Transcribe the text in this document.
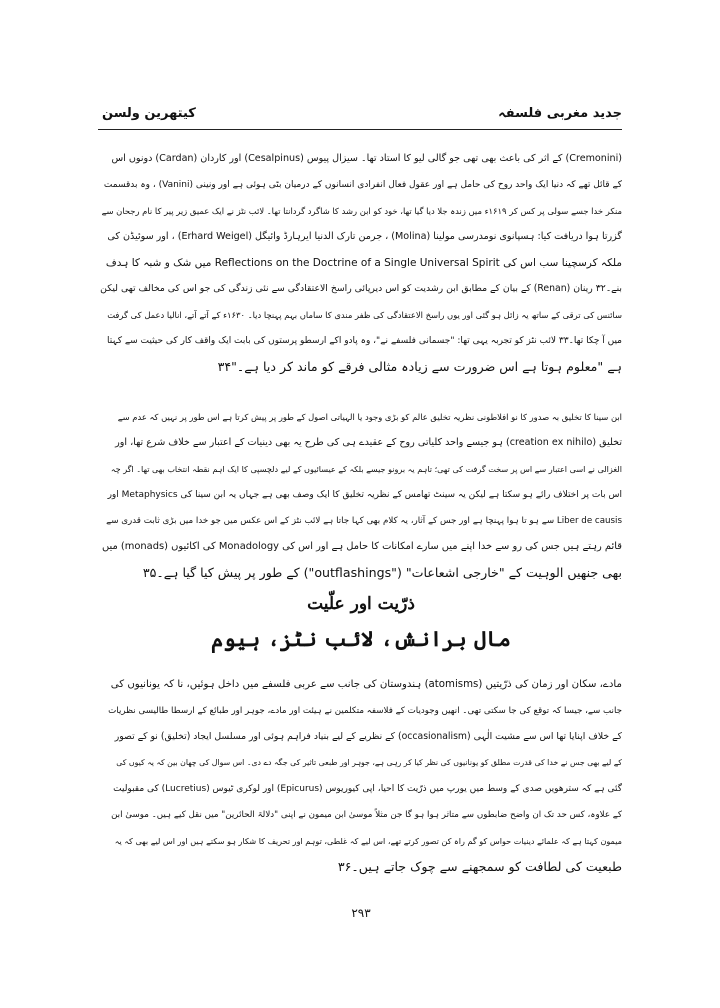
جدید مغربی فلسفہ
کیتھرین ولسن
(Cremonini) کے اثر کی باعث بھی تھی جو گالی لیو کا استاد تھا۔ سیزال پیوس (Cesalpinus) اور کاردان (Cardan) دونوں اس
کے قائل تھے کہ دنیا ایک واحد روح کی حامل ہے اور عقول فعال انفرادی انسانوں کے درمیان بٹی ہوئی ہے اور ونینی (Vanini) ، وہ بدقسمت
منکر خدا جسے سولی پر کس کر ۱۶۱۹ء میں زندہ جلا دیا گیا تھا، خود کو ابن رشد کا شاگرد گردانتا تھا۔ لائب نٹز نے ایک عمیق زیر پیر کا نام رجحان سے
گزرتا ہوا دریافت کیا: ہسپانوی نومدرسی مولینا (Molina) ، جرمن تارک الدنیا ایرہارڈ وائیگل (Erhard Weigel) ، اور سوئیڈن کی
ملکہ کرسچینا سب اس کی Reflections on the Doctrine of a Single Universal Spirit میں شک و شبہ کا ہدف
بنے۔۳۲ رینان (Renan) کے بیان کے مطابق ابن رشدیت کو اس دیرپائی راسخ الاعتقادگی سے نئی زندگی کی جو اس کی مخالف تھی لیکن
سائنس کی ترقی کے ساتھ یہ زائل ہو گئی اور یوں راسخ الاعتقادگی کی ظفر مندی کا ساماں بہم پہنچا دیا۔ ۱۶۳۰ء کے آتے آتے، انالیا دعمل کی گرفت
میں آ چکا تھا۔۳۳ لائب نٹز کو تجربہ یہی تھا: "جسمانی فلسفے نے"، وہ پادو اکے ارسطو پرستوں کی بابت ایک واقف کار کی حیثیت سے کہتا
ہے "معلوم ہوتا ہے اس ضرورت سے زیادہ مثالی فرقے کو ماند کر دیا ہے۔"۳۴
ابن سینا کا تخلیق بہ صدور کا نو افلاطونی نظریہ تخلیق عالم کو بڑی وجود یا الہیاتی اصول کے طور پر پیش کرتا ہے اس طور پر نہیں کہ عدم سے
تخلیق (creation ex nihilo) ہو جیسے واحد کلیاتی روح کے عقیدے ہی کی طرح یہ بھی دینیات کے اعتبار سے خلاف شرع تھا، اور
الغزالی نے اسی اعتبار سے اس پر سخت گرفت کی تھی؛ تاہم یہ برونو جیسے بلکہ کے عیسائیوں کے لیے دلچسپی کا ایک اہم نقطہ انتخاب بھی تھا۔ اگر چہ
اس بات پر اختلاف رائے ہو سکتا ہے لیکن یہ سینٹ تھامس کے نظریہ تخلیق کا ایک وصف بھی ہے جہاں یہ ابن سینا کی Metaphysics اور
Liber de causis سے ہو تا ہوا پہنچا ہے اور جس کے آثار، یہ کلام بھی کہا جاتا ہے لائب نٹز کے اس عکس میں جو خدا میں بڑی ثابت قدری سے
قائم رہتے ہیں جس کی رو سے خدا اپنے میں سارے امکانات کا حامل ہے اور اس کی Monadology کی اکائیوں (monads) میں
بھی جنھیں الوہیت کے "خارجی اشعاعات" ("outflashings") کے طور پر پیش کیا گیا ہے۔۳۵
ذرّیت اور علّیت
مال برانش، لائب نٹز، ہیوم
مادے، سکان اور زمان کی ذرّیتیں (atomisms) ہندوستان کی جانب سے عربی فلسفے میں داخل ہوئیں، نا کہ یونانیوں کی
جانب سے، جیسا کہ توقع کی جا سکتی تھی۔ انھیں وجودیات کے فلاسفہ متکلمین نے ہیئت اور مادے، جوہر اور طبائع کے ارسطا طالیسی نظریات
کے خلاف اپنایا تھا اس سے مشیت الٰہی (occasionalism) کے نظریے کے لیے بنیاد فراہم ہوئی اور مسلسل ایجاد (تخلیق) نو کے تصور
کے لیے بھی جس نے خدا کی قدرت مطلق کو یونانیوں کی نظر کیا کر رہی ہے، جوہر اور طبعی تاثیر کی جگہ دے دی۔ اس سوال کی چھان بین کہ یہ کیوں کی
گئی ہے کہ سترھویں صدی کے وسط میں یورپ میں ذرّیت کا احیا، اپی کیوریوس (Epicurus) اور لوکری ٹیوس (Lucretius) کی مقبولیت
کے علاوہ، کس حد تک ان واضح ضابطوں سے متاثر ہوا ہو گا جن مثلاً موسیٰ ابن میمون نے اپنی "دلالۃ الحائرین" میں نقل کیے ہیں۔ موسیٰ ابن
میمون کہتا ہے کہ علمائے دینیات حواس کو گم راہ کن تصور کرتے تھے، اس لیے کہ غلطی، توہم اور تحریف کا شکار ہو سکتے ہیں اور اس لیے بھی کہ یہ
طبعیت کی لطافت کو سمجھنے سے چوک جاتے ہیں۔۳۶
۲۹۳
